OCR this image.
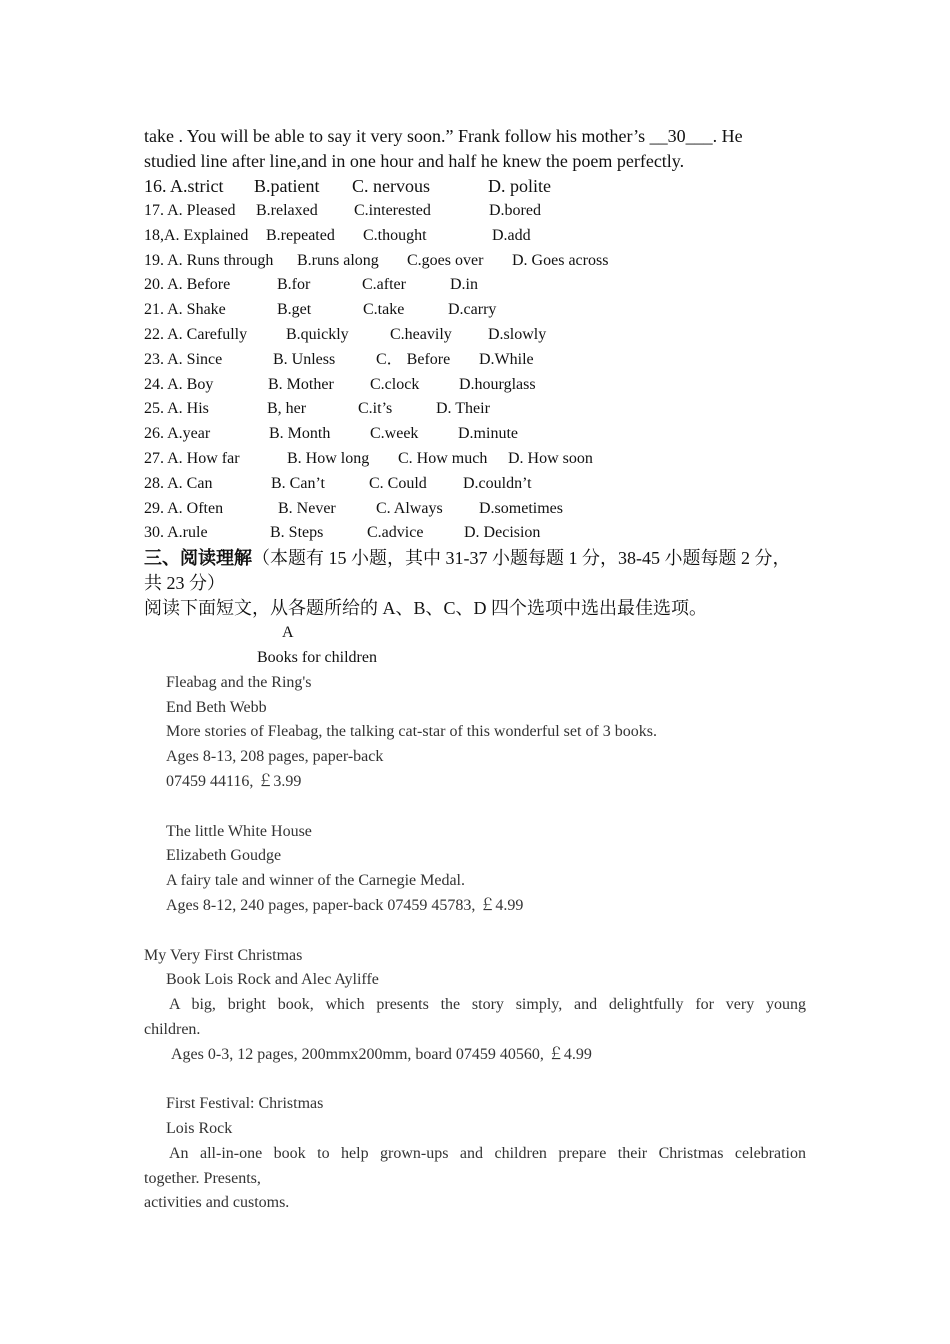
take . You will be able to say it very soon.” Frank follow his mother’s __30___. He
studied line after line,and in one hour and half he knew the poem perfectly.
16. A.strict B.patient C. nervous	D. polite
17. A. Pleased B.relaxed C.interested	D.bored
18,A. Explained B.repeated C.thought	D.add
19. A. Runs through B.runs along C.goes over D. Goes across
20. A. Before	B.for	C.after	D.in
21. A. Shake	B.get	C.take	D.carry
22. A. Carefully B.quickly	C.heavily D.slowly
23. A. Since	B. Unless	C． Before D.While
24. A. Boy	B. Mother C.clock D.hourglass
25. A. His	B, her	C.it’s	D. Their
26. A.year	B. Month C.week D.minute
27. A. How far	B. How long C. How much D. How soon
28. A. Can	B. Can’t	C. Could D.couldn’t
29. A. Often	B. Never	C. Always D.sometimes
30. A.rule	B. Steps	C.advice	D. Decision
三、阅读理解（本题有 15 小题，其中 31-37 小题每题 1 分，38-45 小题每题 2 分，
共 23 分）
阅读下面短文，从各题所给的 A、B、C、D 四个选项中选出最佳选项。
A
Books for children
Fleabag and the Ring's
End Beth Webb
More stories of Fleabag, the talking cat-star of this wonderful set of 3 books.
Ages 8-13, 208 pages, paper-back
07459 44116, ￡3.99
The little White House
Elizabeth Goudge
A fairy tale and winner of the Carnegie Medal.
Ages 8-12, 240 pages, paper-back 07459 45783, ￡4.99
My Very First Christmas
Book Lois Rock and Alec Ayliffe
A big, bright book, which presents the story simply, and delightfully for very young
children.
Ages 0-3, 12 pages, 200mmx200mm, board 07459 40560, ￡4.99
First Festival: Christmas
Lois Rock
An all-in-one book to help grown-ups and children prepare their Christmas celebration
together. Presents,
activities and customs.
